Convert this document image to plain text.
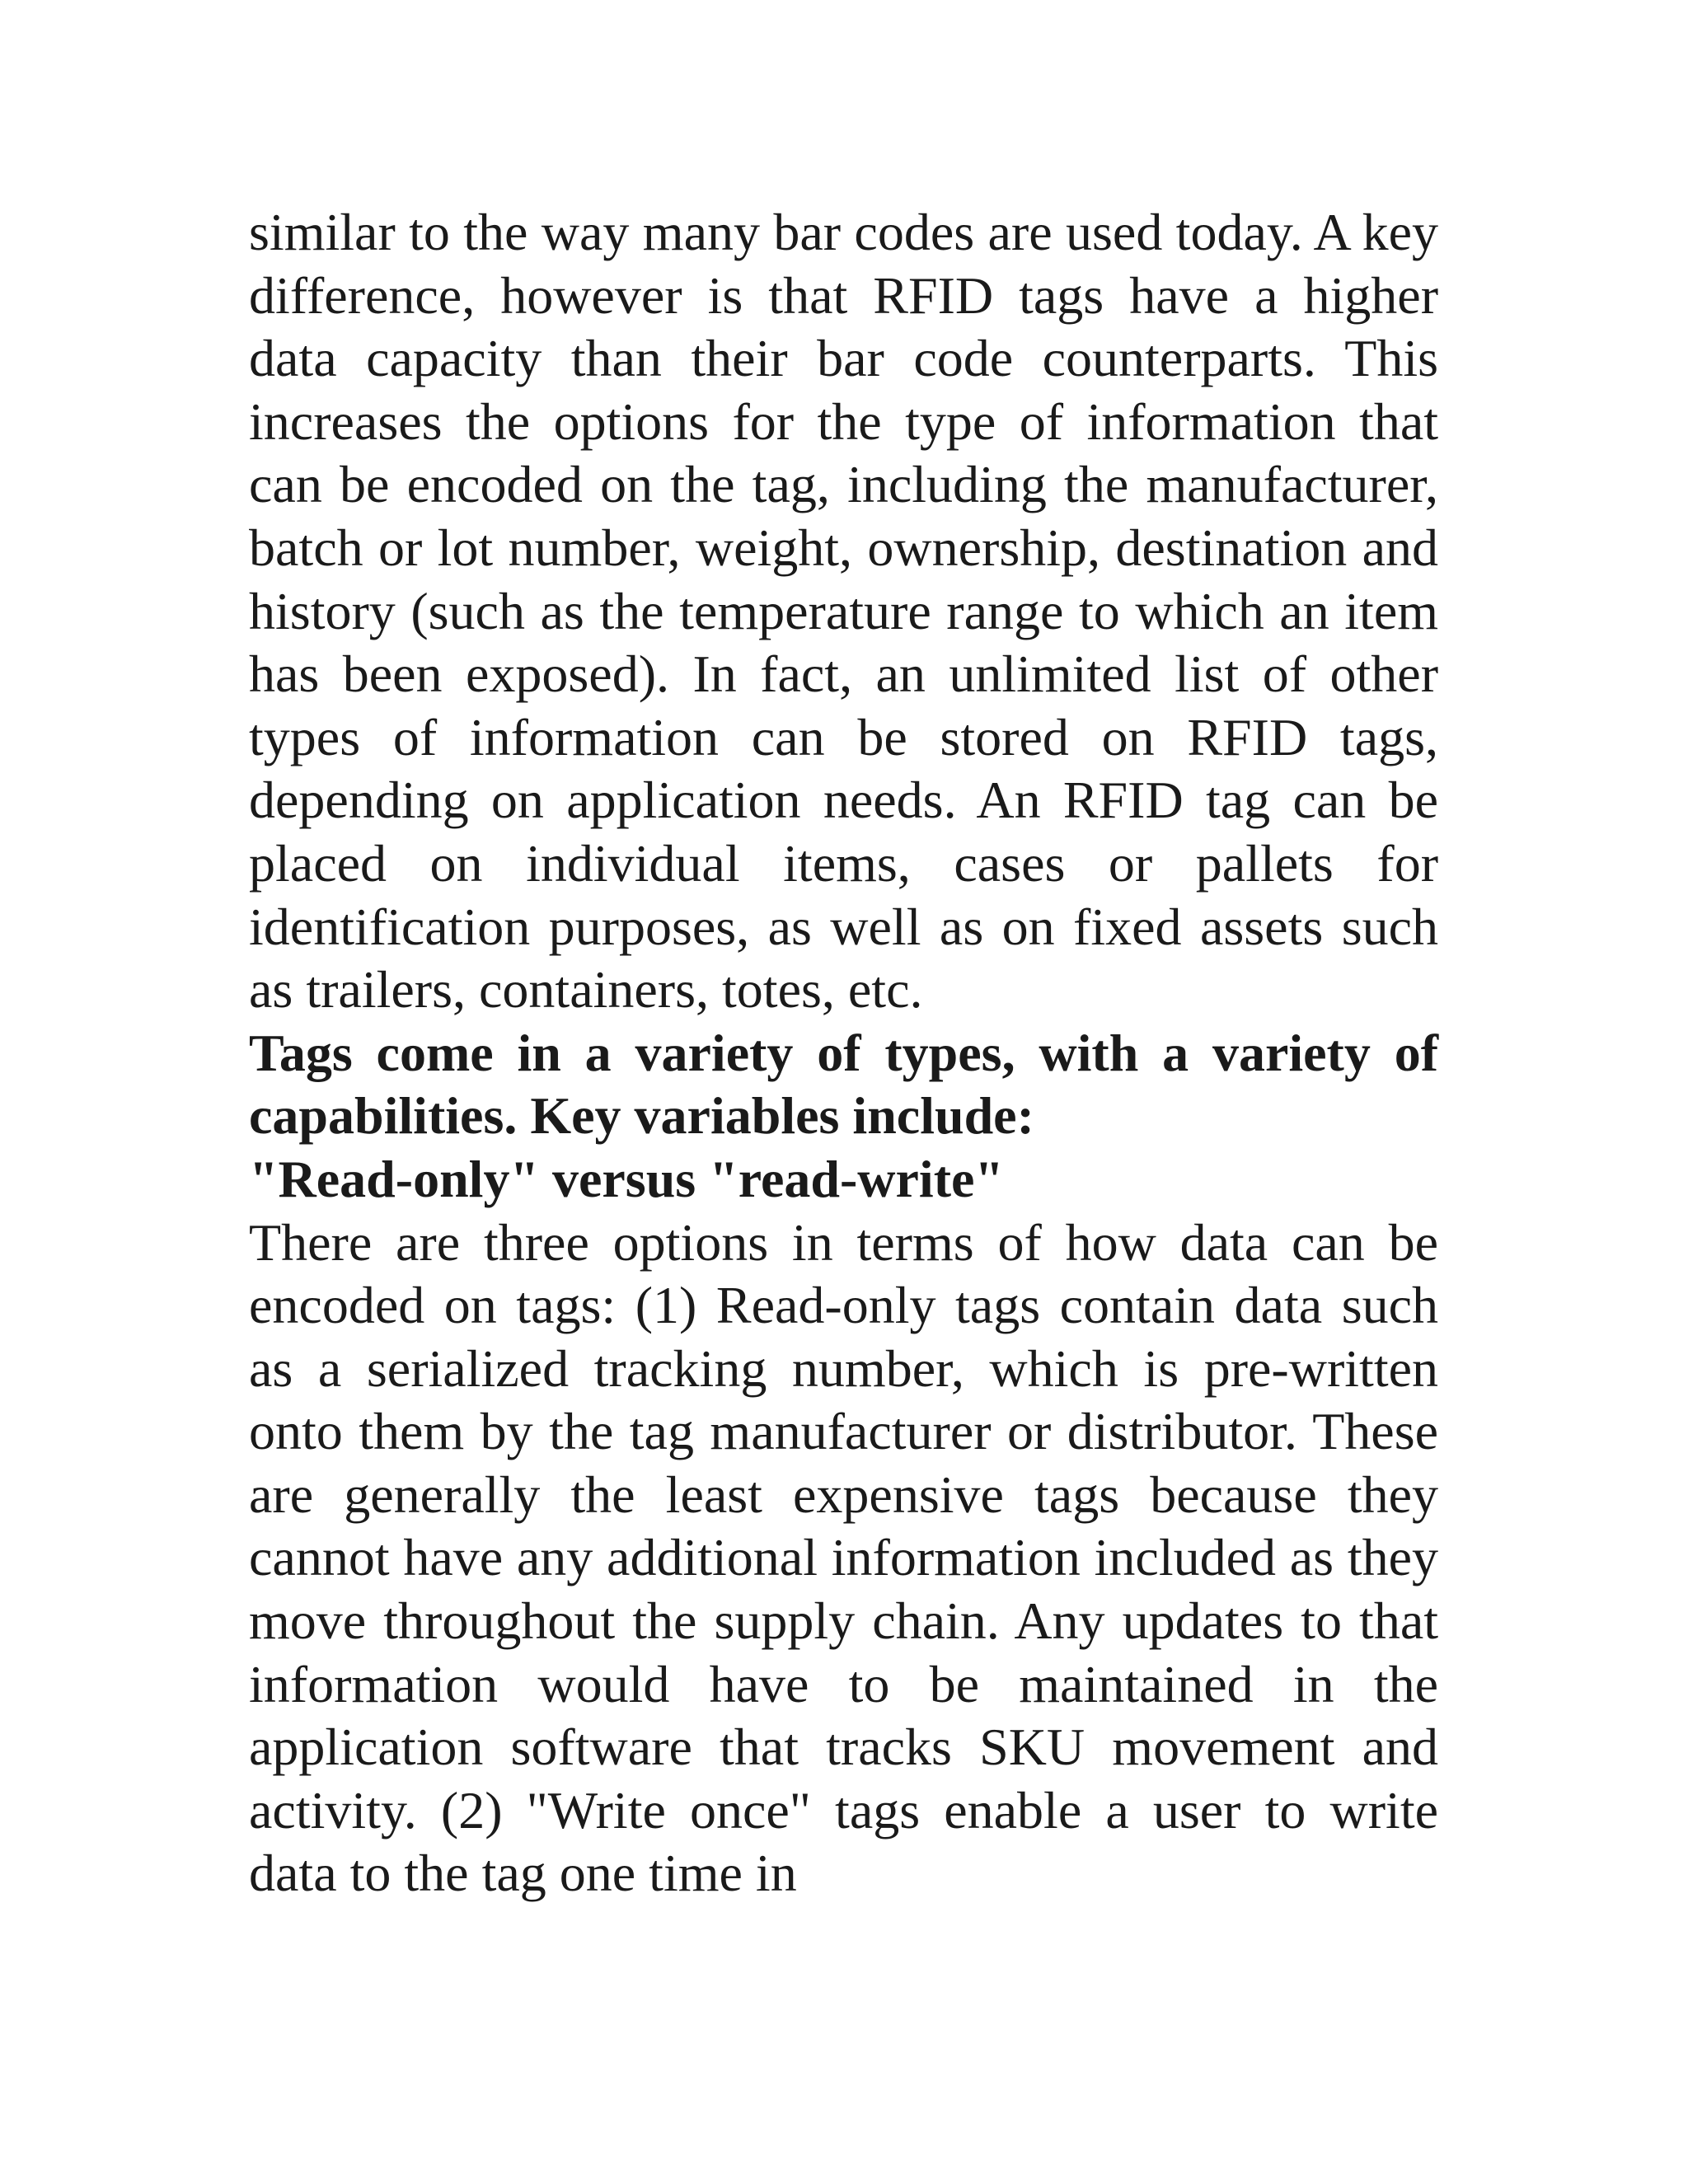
similar to the way many bar codes are used today. A key difference, however is that RFID tags have a higher data capacity than their bar code counterparts. This increases the options for the type of information that can be encoded on the tag, including the manufacturer, batch or lot number, weight, ownership, destination and history (such as the temperature range to which an item has been exposed). In fact, an unlimited list of other types of information can be stored on RFID tags, depending on application needs. An RFID tag can be placed on individual items, cases or pallets for identification purposes, as well as on fixed assets such as trailers, containers, totes, etc.

Tags come in a variety of types, with a variety of capabilities. Key variables include:

"Read-only" versus "read-write"

There are three options in terms of how data can be encoded on tags: (1) Read-only tags contain data such as a serialized tracking number, which is pre-written onto them by the tag manufacturer or distributor. These are generally the least expensive tags because they cannot have any additional information included as they move throughout the supply chain. Any updates to that information would have to be maintained in the application software that tracks SKU movement and activity. (2) "Write once" tags enable a user to write data to the tag one time in
